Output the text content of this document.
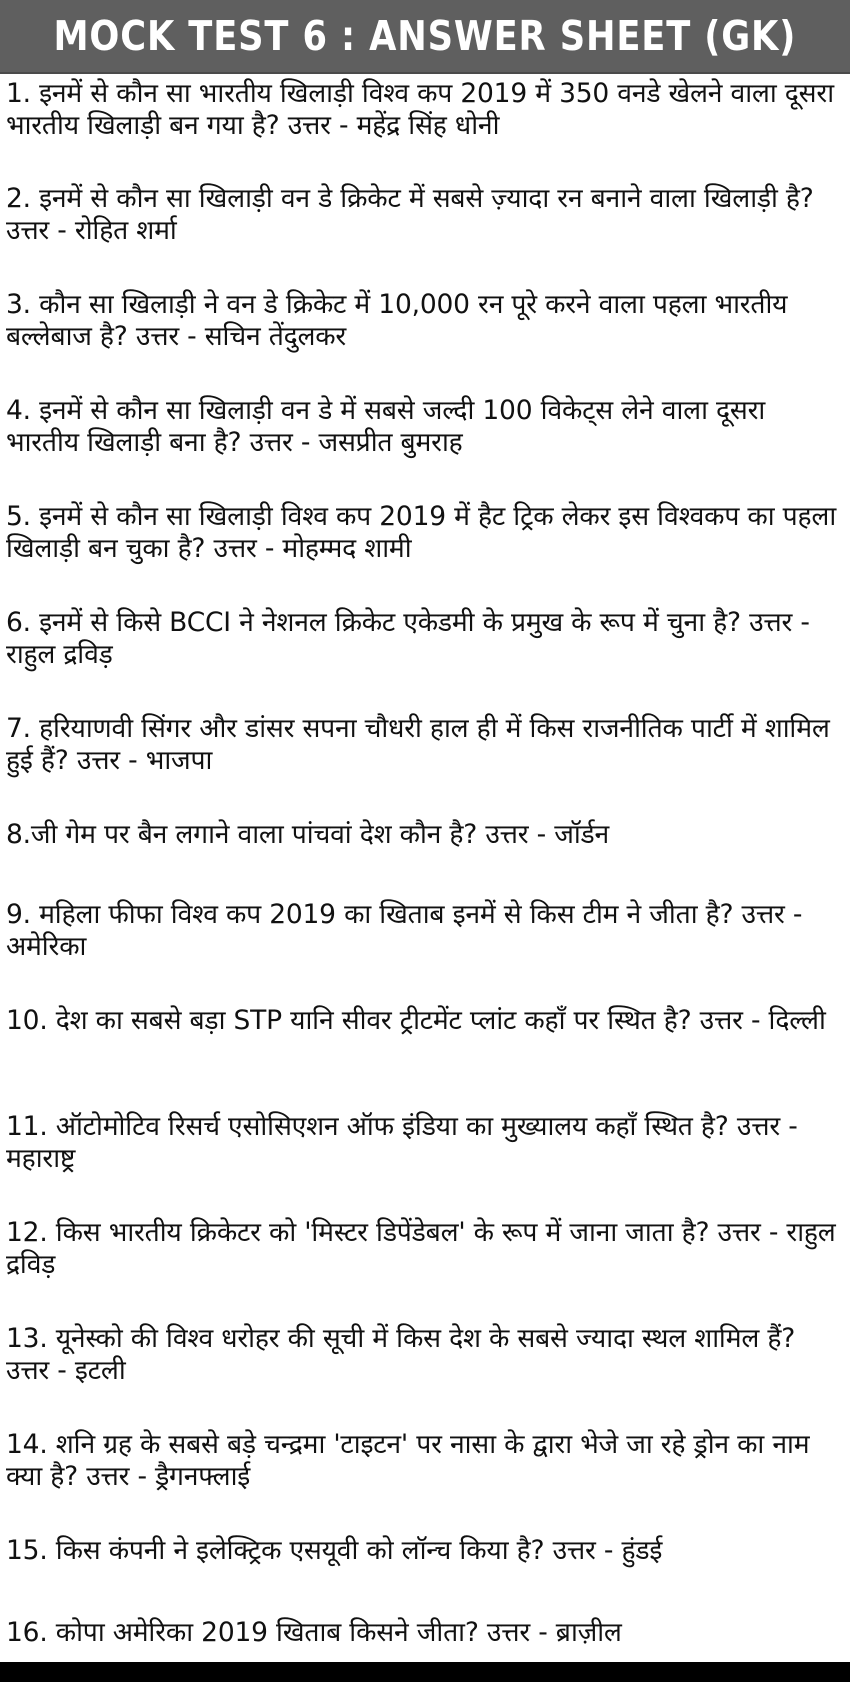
MOCK TEST 6 : ANSWER SHEET (GK)
1. इनमें से कौन सा भारतीय खिलाड़ी विश्व कप 2019 में 350 वनडे खेलने वाला दूसरा भारतीय खिलाड़ी बन गया है? उत्तर - महेंद्र सिंह धोनी
2. इनमें से कौन सा खिलाड़ी वन डे क्रिकेट में सबसे ज़्यादा रन बनाने वाला खिलाड़ी है? उत्तर - रोहित शर्मा
3. कौन सा खिलाड़ी ने वन डे क्रिकेट में 10,000 रन पूरे करने वाला पहला भारतीय बल्लेबाज है? उत्तर - सचिन तेंदुलकर
4. इनमें से कौन सा खिलाड़ी वन डे में सबसे जल्दी 100 विकेट्स लेने वाला दूसरा भारतीय खिलाड़ी बना है? उत्तर - जसप्रीत बुमराह
5. इनमें से कौन सा खिलाड़ी विश्व कप 2019 में हैट ट्रिक लेकर इस विश्वकप का पहला खिलाड़ी बन चुका है? उत्तर - मोहम्मद शामी
6. इनमें से किसे BCCI ने नेशनल क्रिकेट एकेडमी के प्रमुख के रूप में चुना है? उत्तर - राहुल द्रविड़
7. हरियाणवी सिंगर और डांसर सपना चौधरी हाल ही में किस राजनीतिक पार्टी में शामिल हुई हैं? उत्तर - भाजपा
8.जी गेम पर बैन लगाने वाला पांचवां देश कौन है? उत्तर - जॉर्डन
9. महिला फीफा विश्व कप 2019 का खिताब इनमें से किस टीम ने जीता है? उत्तर - अमेरिका
10. देश का सबसे बड़ा STP यानि सीवर ट्रीटमेंट प्लांट कहाँ पर स्थित है? उत्तर - दिल्ली
11. ऑटोमोटिव रिसर्च एसोसिएशन ऑफ इंडिया का मुख्यालय कहाँ स्थित है? उत्तर - महाराष्ट्र
12. किस भारतीय क्रिकेटर को 'मिस्टर डिपेंडेबल' के रूप में जाना जाता है? उत्तर - राहुल द्रविड़
13. यूनेस्को की विश्व धरोहर की सूची में किस देश के सबसे ज्यादा स्थल शामिल हैं? उत्तर - इटली
14. शनि ग्रह के सबसे बड़े चन्द्रमा 'टाइटन' पर नासा के द्वारा भेजे जा रहे ड्रोन का नाम क्या है? उत्तर - ड्रैगनफ्लाई
15. किस कंपनी ने इलेक्ट्रिक एसयूवी को लॉन्च किया है? उत्तर - हुंडई
16. कोपा अमेरिका 2019 खिताब किसने जीता? उत्तर - ब्राज़ील
